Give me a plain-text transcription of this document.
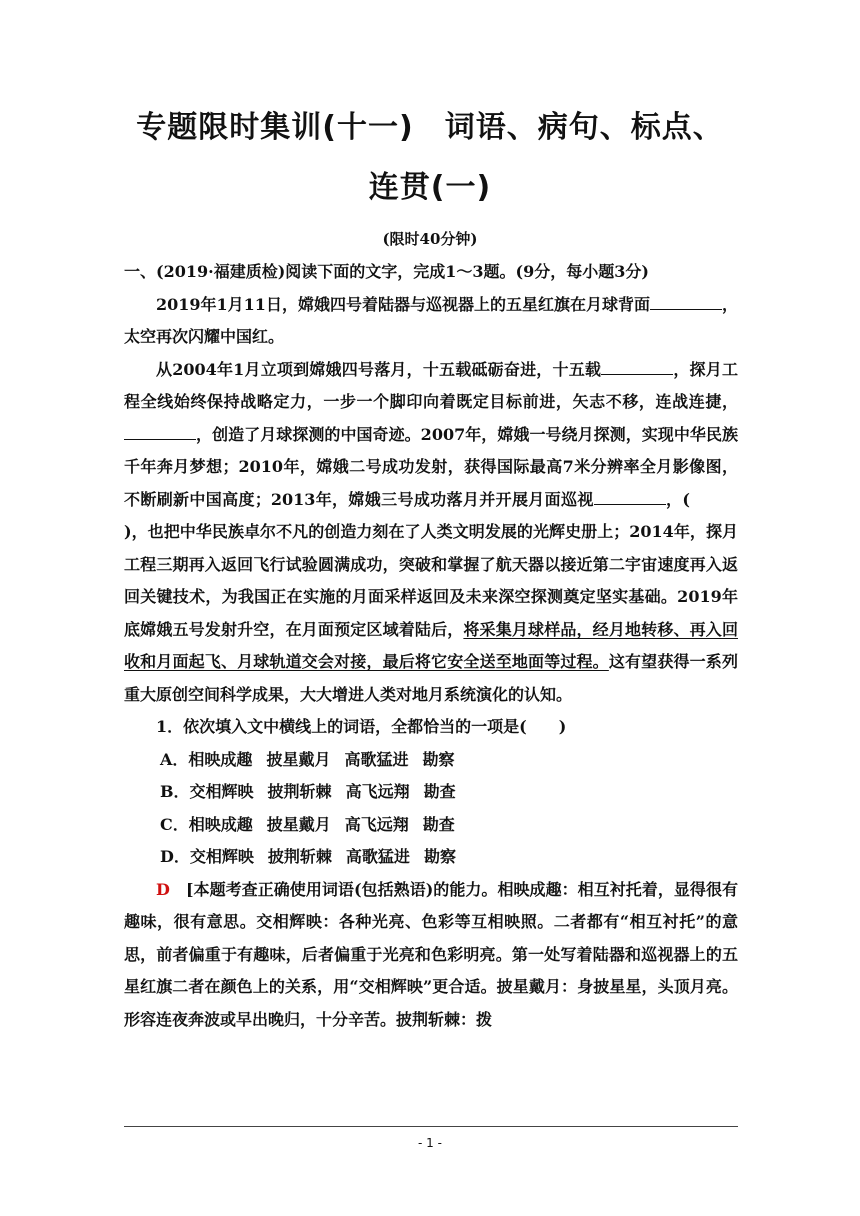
专题限时集训(十一)　词语、病句、标点、
连贯(一)
(限时40分钟)

一、(2019·福建质检)阅读下面的文字，完成1～3题。(9分，每小题3分)

2019年1月11日，嫦娥四号着陆器与巡视器上的五星红旗在月球背面	，太空再次闪耀中国红。

从2004年1月立项到嫦娥四号落月，十五载砥砺奋进，十五载	，探月工程全线始终保持战略定力，一步一个脚印向着既定目标前进，矢志不移，连战连捷，，创造了月球探测的中国奇迹。2007年，嫦娥一号绕月探测，实现中华民族千年奔月梦想；2010年，嫦娥二号成功发射，获得国际最高7米分辨率全月影像图，不断刷新中国高度；2013年，嫦娥三号成功落月并开展月面巡视	，()，也把中华民族卓尔不凡的创造力刻在了人类文明发展的光辉史册上；2014年，探月工程三期再入返回飞行试验圆满成功，突破和掌握了航天器以接近第二宇宙速度再入返回关键技术，为我国正在实施的月面采样返回及未来深空探测奠定坚实基础。2019年底嫦娥五号发射升空，在月面预定区域着陆后，将采集月球样品，经月地转移、再入回收和月面起飞、月球轨道交会对接，最后将它安全送至地面等过程。这有望获得一系列重大原创空间科学成果，大大增进人类对地月系统演化的认知。

1．依次填入文中横线上的词语，全都恰当的一项是(　　)

A．相映成趣 披星戴月 高歌猛进 勘察

B．交相辉映 披荆斩棘 高飞远翔 勘查

C．相映成趣 披星戴月 高飞远翔 勘查

D．交相辉映 披荆斩棘 高歌猛进 勘察

D　[本题考查正确使用词语(包括熟语)的能力。相映成趣：相互衬托着，显得很有趣味，很有意思。交相辉映：各种光亮、色彩等互相映照。二者都有“相互衬托”的意思，前者偏重于有趣味，后者偏重于光亮和色彩明亮。第一处写着陆器和巡视器上的五星红旗二者在颜色上的关系，用“交相辉映”更合适。披星戴月：身披星星，头顶月亮。形容连夜奔波或早出晚归，十分辛苦。披荆斩棘：拨

- 1 -
